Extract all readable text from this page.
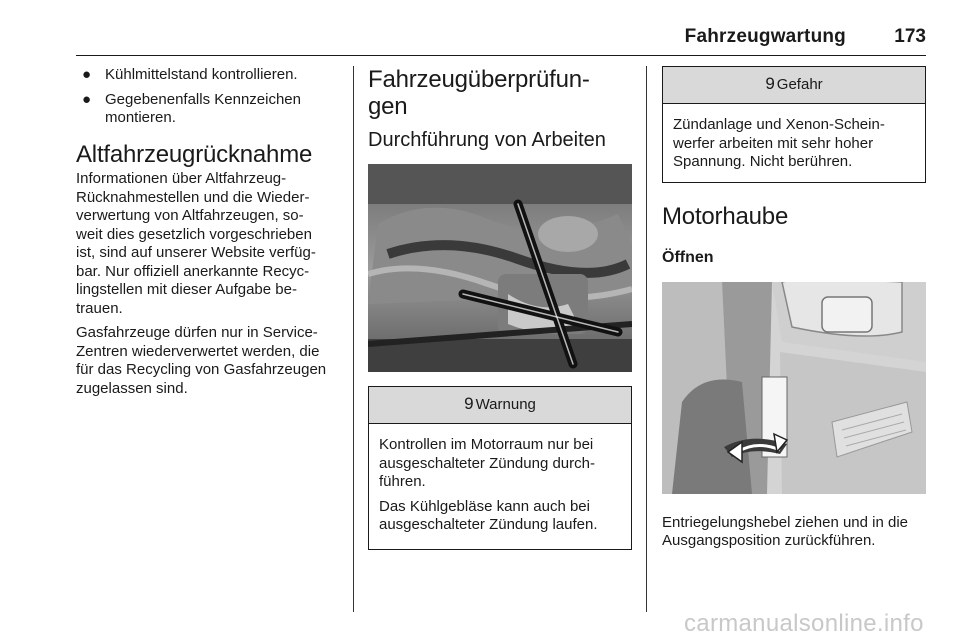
Fahrzeugwartung	173
● Kühlmittelstand kontrollieren.
● Gegebenenfalls Kennzeichen
montieren.
Altfahrzeugrücknahme

Informationen über Altfahrzeug-
Rücknahmestellen und die Wieder-
verwertung von Altfahrzeugen, so-
weit dies gesetzlich vorgeschrieben
ist, sind auf unserer Website verfüg-
bar. Nur offiziell anerkannte Recyc-
lingstellen mit dieser Aufgabe be-
trauen.

Gasfahrzeuge dürfen nur in Service-
Zentren wiederverwertet werden, die
für das Recycling von Gasfahrzeugen
zugelassen sind.

Fahrzeugüberprüfun-
gen
Durchführung von Arbeiten
9 Warnung

Kontrollen im Motorraum nur bei
ausgeschalteter Zündung durch-
führen.

Das Kühlgebläse kann auch bei
ausgeschalteter Zündung laufen.

9 Gefahr

Zündanlage und Xenon-Schein-
werfer arbeiten mit sehr hoher
Spannung. Nicht berühren.

Motorhaube
Öffnen

Entriegelungshebel ziehen und in die
Ausgangsposition zurückführen.

carmanualsonline.info
